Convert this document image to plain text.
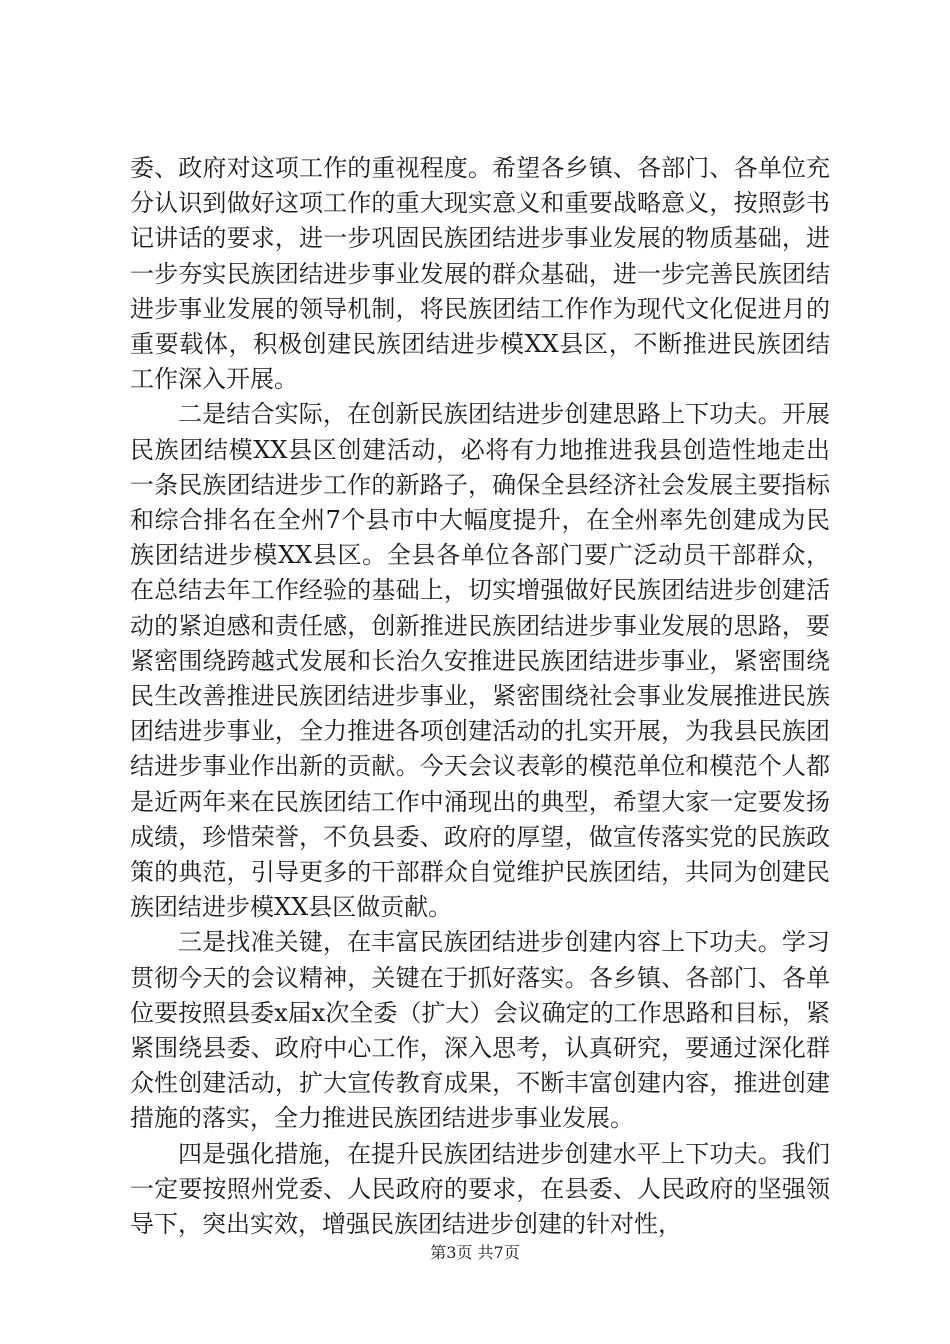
委、政府对这项工作的重视程度。希望各乡镇、各部门、各单位充分认识到做好这项工作的重大现实意义和重要战略意义，按照彭书记讲话的要求，进一步巩固民族团结进步事业发展的物质基础，进一步夯实民族团结进步事业发展的群众基础，进一步完善民族团结进步事业发展的领导机制，将民族团结工作作为现代文化促进月的重要载体，积极创建民族团结进步模XX县区，不断推进民族团结工作深入开展。

二是结合实际，在创新民族团结进步创建思路上下功夫。开展民族团结模XX县区创建活动，必将有力地推进我县创造性地走出一条民族团结进步工作的新路子，确保全县经济社会发展主要指标和综合排名在全州7个县市中大幅度提升，在全州率先创建成为民族团结进步模XX县区。全县各单位各部门要广泛动员干部群众，在总结去年工作经验的基础上，切实增强做好民族团结进步创建活动的紧迫感和责任感，创新推进民族团结进步事业发展的思路，要紧密围绕跨越式发展和长治久安推进民族团结进步事业，紧密围绕民生改善推进民族团结进步事业，紧密围绕社会事业发展推进民族团结进步事业，全力推进各项创建活动的扎实开展，为我县民族团结进步事业作出新的贡献。今天会议表彰的模范单位和模范个人都是近两年来在民族团结工作中涌现出的典型，希望大家一定要发扬成绩，珍惜荣誉，不负县委、政府的厚望，做宣传落实党的民族政策的典范，引导更多的干部群众自觉维护民族团结，共同为创建民族团结进步模XX县区做贡献。

三是找准关键，在丰富民族团结进步创建内容上下功夫。学习贯彻今天的会议精神，关键在于抓好落实。各乡镇、各部门、各单位要按照县委x届x次全委（扩大）会议确定的工作思路和目标，紧紧围绕县委、政府中心工作，深入思考，认真研究，要通过深化群众性创建活动，扩大宣传教育成果，不断丰富创建内容，推进创建措施的落实，全力推进民族团结进步事业发展。

四是强化措施，在提升民族团结进步创建水平上下功夫。我们一定要按照州党委、人民政府的要求，在县委、人民政府的坚强领导下，突出实效，增强民族团结进步创建的针对性，

第3页 共7页
